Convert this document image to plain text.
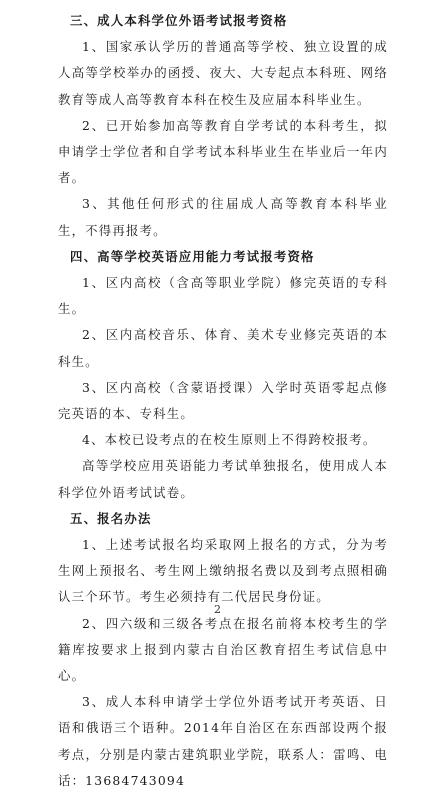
三、成人本科学位外语考试报考资格

1、国家承认学历的普通高等学校、独立设置的成人高等学校举办的函授、夜大、大专起点本科班、网络教育等成人高等教育本科在校生及应届本科毕业生。

2、已开始参加高等教育自学考试的本科考生，拟申请学士学位者和自学考试本科毕业生在毕业后一年内者。

3、其他任何形式的往届成人高等教育本科毕业生，不得再报考。

四、高等学校英语应用能力考试报考资格

1、区内高校（含高等职业学院）修完英语的专科生。

2、区内高校音乐、体育、美术专业修完英语的本科生。

3、区内高校（含蒙语授课）入学时英语零起点修完英语的本、专科生。

4、本校已设考点的在校生原则上不得跨校报考。

高等学校应用英语能力考试单独报名，使用成人本科学位外语考试试卷。

五、报名办法

1、上述考试报名均采取网上报名的方式，分为考生网上预报名、考生网上缴纳报名费以及到考点照相确认三个环节。考生必须持有二代居民身份证。

2、四六级和三级各考点在报名前将本校考生的学籍库按要求上报到内蒙古自治区教育招生考试信息中心。

3、成人本科申请学士学位外语考试开考英语、日语和俄语三个语种。2014年自治区在东西部设两个报考点，分别是内蒙古建筑职业学院，联系人：雷鸣、电话：13684743094

2
